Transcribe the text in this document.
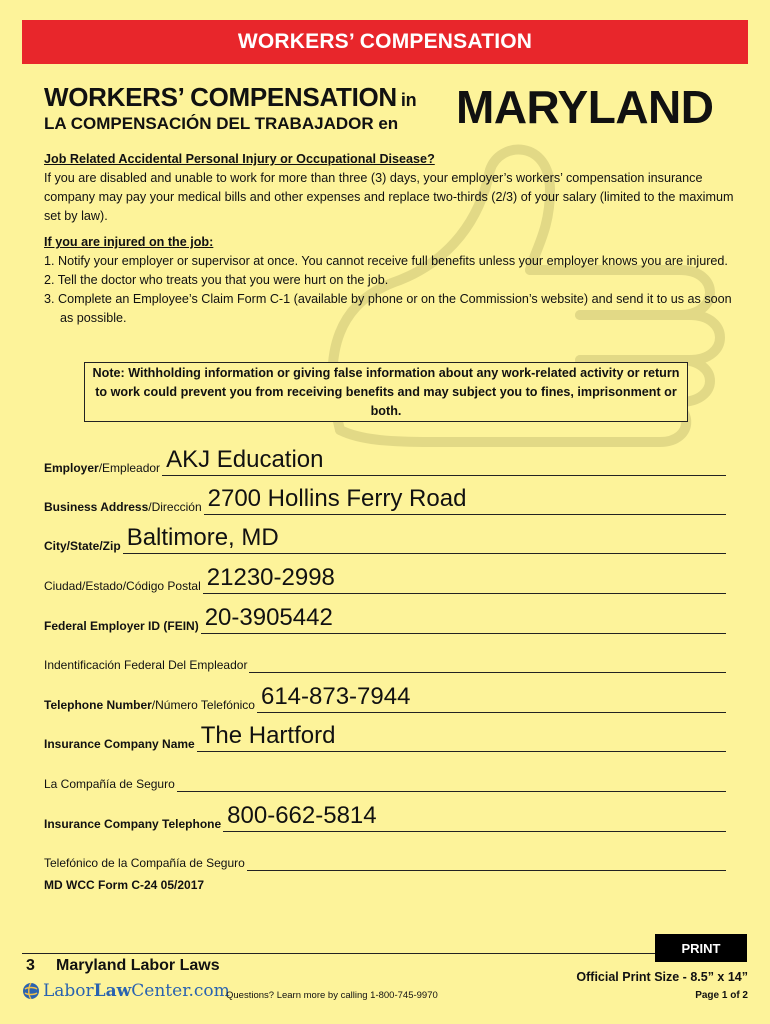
WORKERS’ COMPENSATION
WORKERS’ COMPENSATION in
LA COMPENSACIÓN DEL TRABAJADOR en MARYLAND
Job Related Accidental Personal Injury or Occupational Disease?
If you are disabled and unable to work for more than three (3) days, your employer’s workers’ compensation insurance company may pay your medical bills and other expenses and replace two-thirds (2/3) of your salary (limited to the maximum set by law).
If you are injured on the job:
1. Notify your employer or supervisor at once. You cannot receive full benefits unless your employer knows you are injured.
2. Tell the doctor who treats you that you were hurt on the job.
3. Complete an Employee’s Claim Form C-1 (available by phone or on the Commission’s website) and send it to us as soon as possible.
Note: Withholding information or giving false information about any work-related activity or return to work could prevent you from receiving benefits and may subject you to fines, imprisonment or both.
Employer/Empleador AKJ Education
Business Address/Dirección 2700 Hollins Ferry Road
City/State/Zip Baltimore, MD
Ciudad/Estado/Código Postal 21230-2998
Federal Employer ID (FEIN) 20-3905442
Indentificación Federal Del Empleador
Telephone Number/Número Telefónico 614-873-7944
Insurance Company Name The Hartford
La Compañía de Seguro
Insurance Company Telephone 800-662-5814
Telefónico de la Compañía de Seguro
MD WCC Form C-24 05/2017
PRINT
3 Maryland Labor Laws
LaborLawCenter.com
Questions? Learn more by calling 1-800-745-9970
Official Print Size - 8.5” x 14”
Page 1 of 2
